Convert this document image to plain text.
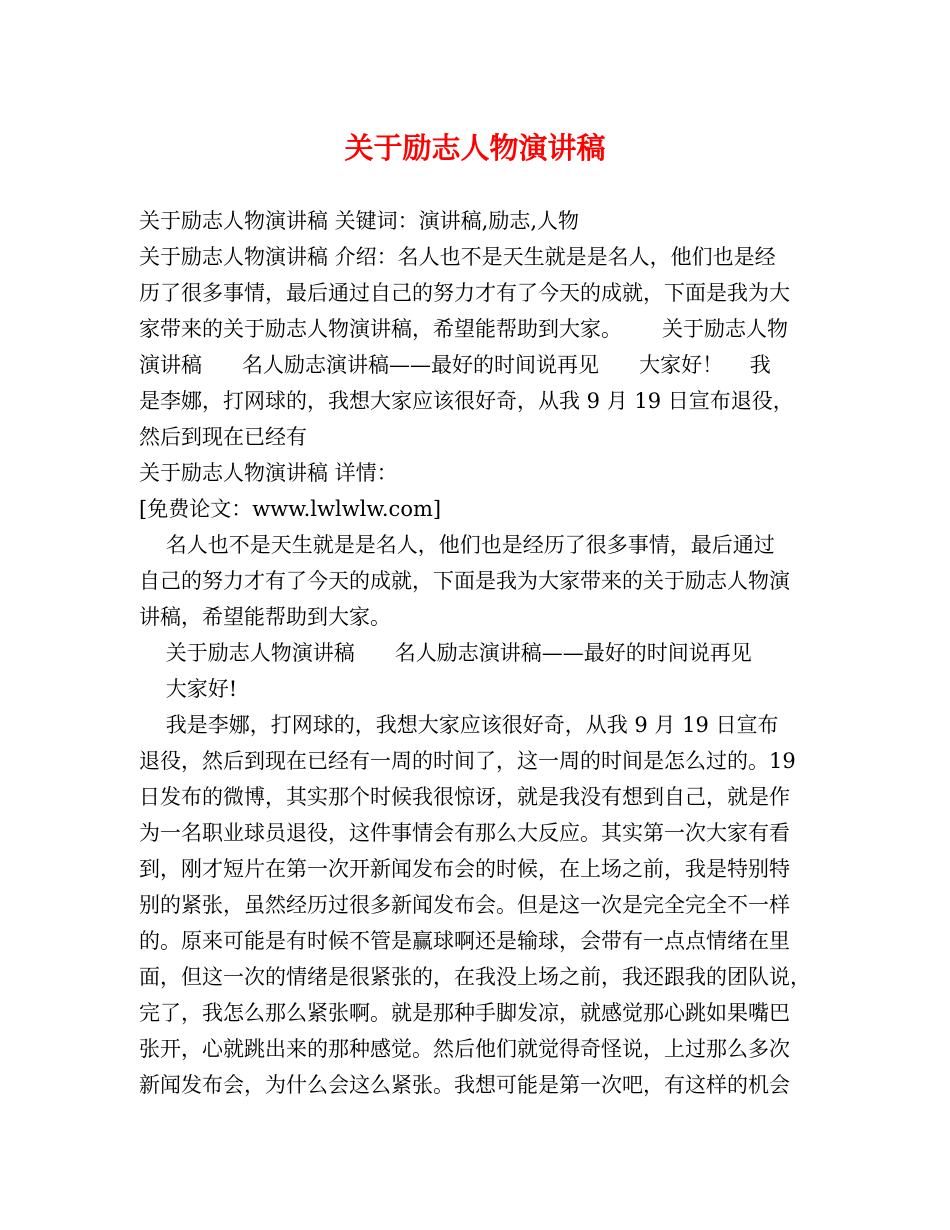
关于励志人物演讲稿
关于励志人物演讲稿 关键词：演讲稿,励志,人物
关于励志人物演讲稿 介绍：名人也不是天生就是是名人，他们也是经
历了很多事情，最后通过自己的努力才有了今天的成就，下面是我为大
家带来的关于励志人物演讲稿，希望能帮助到大家。      关于励志人物
演讲稿      名人励志演讲稿——最好的时间说再见      大家好！    我
是李娜，打网球的，我想大家应该很好奇，从我 9 月 19 日宣布退役，
然后到现在已经有
关于励志人物演讲稿 详情：
[免费论文：www.lwlwlw.com]
名人也不是天生就是是名人，他们也是经历了很多事情，最后通过
自己的努力才有了今天的成就，下面是我为大家带来的关于励志人物演
讲稿，希望能帮助到大家。
关于励志人物演讲稿      名人励志演讲稿——最好的时间说再见
大家好!
我是李娜，打网球的，我想大家应该很好奇，从我 9 月 19 日宣布
退役，然后到现在已经有一周的时间了，这一周的时间是怎么过的。19
日发布的微博，其实那个时候我很惊讶，就是我没有想到自己，就是作
为一名职业球员退役，这件事情会有那么大反应。其实第一次大家有看
到，刚才短片在第一次开新闻发布会的时候，在上场之前，我是特别特
别的紧张，虽然经历过很多新闻发布会。但是这一次是完全完全不一样
的。原来可能是有时候不管是赢球啊还是输球，会带有一点点情绪在里
面，但这一次的情绪是很紧张的，在我没上场之前，我还跟我的团队说，
完了，我怎么那么紧张啊。就是那种手脚发凉，就感觉那心跳如果嘴巴
张开，心就跳出来的那种感觉。然后他们就觉得奇怪说，上过那么多次
新闻发布会，为什么会这么紧张。我想可能是第一次吧，有这样的机会
